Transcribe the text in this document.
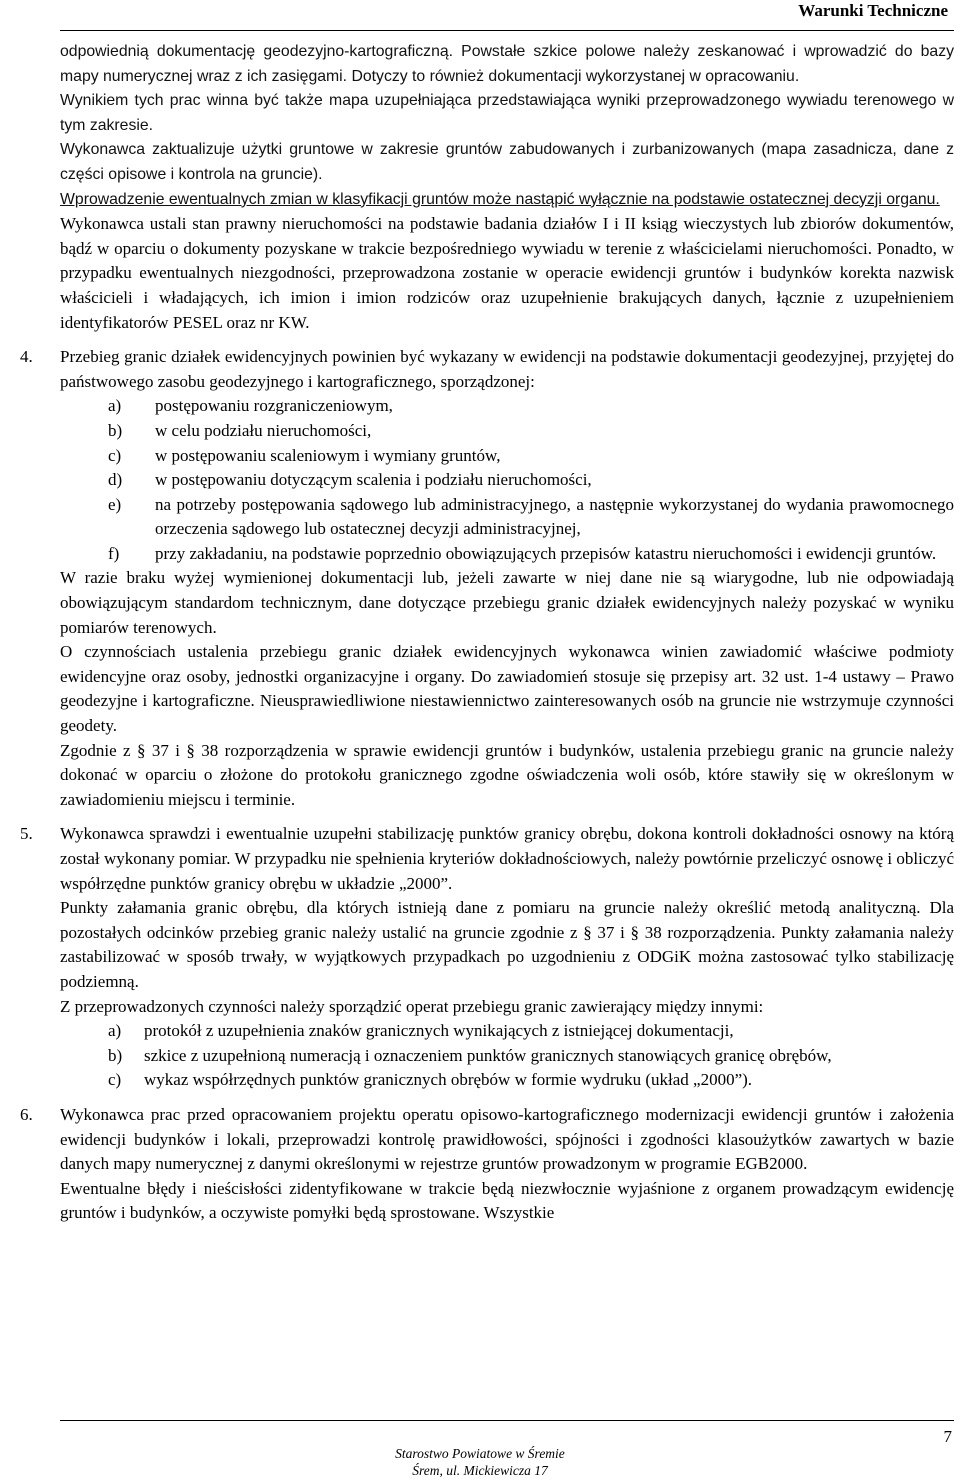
Warunki Techniczne

odpowiednią dokumentację geodezyjno-kartograficzną. Powstałe szkice polowe należy zeskanować i wprowadzić do bazy mapy numerycznej wraz z ich zasięgami. Dotyczy to również dokumentacji wykorzystanej w opracowaniu.

Wynikiem tych prac winna być także mapa uzupełniająca przedstawiająca wyniki przeprowadzonego wywiadu terenowego w tym zakresie.

Wykonawca zaktualizuje użytki gruntowe w zakresie gruntów zabudowanych i zurbanizowanych (mapa zasadnicza, dane z części opisowe i kontrola na gruncie).

Wprowadzenie ewentualnych zmian w klasyfikacji gruntów może nastąpić wyłącznie na podstawie ostatecznej decyzji organu.

Wykonawca ustali stan prawny nieruchomości na podstawie badania działów I i II ksiąg wieczystych lub zbiorów dokumentów, bądź w oparciu o dokumenty pozyskane w trakcie bezpośredniego wywiadu w terenie z właścicielami nieruchomości. Ponadto, w przypadku ewentualnych niezgodności, przeprowadzona zostanie w operacie ewidencji gruntów i budynków korekta nazwisk właścicieli i władających, ich imion i imion rodziców oraz uzupełnienie brakujących danych, łącznie z uzupełnieniem identyfikatorów PESEL oraz nr KW.

4. Przebieg granic działek ewidencyjnych powinien być wykazany w ewidencji na podstawie dokumentacji geodezyjnej, przyjętej do państwowego zasobu geodezyjnego i kartograficznego, sporządzonej:

a) postępowaniu rozgraniczeniowym,
b) w celu podziału nieruchomości,
c) w postępowaniu scaleniowym i wymiany gruntów,
d) w postępowaniu dotyczącym scalenia i podziału nieruchomości,
e) na potrzeby postępowania sądowego lub administracyjnego, a następnie wykorzystanej do wydania prawomocnego orzeczenia sądowego lub ostatecznej decyzji administracyjnej,
f) przy zakładaniu, na podstawie poprzednio obowiązujących przepisów katastru nieruchomości i ewidencji gruntów.

W razie braku wyżej wymienionej dokumentacji lub, jeżeli zawarte w niej dane nie są wiarygodne, lub nie odpowiadają obowiązującym standardom technicznym, dane dotyczące przebiegu granic działek ewidencyjnych należy pozyskać w wyniku pomiarów terenowych.

O czynnościach ustalenia przebiegu granic działek ewidencyjnych wykonawca winien zawiadomić właściwe podmioty ewidencyjne oraz osoby, jednostki organizacyjne i organy. Do zawiadomień stosuje się przepisy art. 32 ust. 1-4 ustawy – Prawo geodezyjne i kartograficzne. Nieusprawiedliwione niestawiennictwo zainteresowanych osób na gruncie nie wstrzymuje czynności geodety.

Zgodnie z § 37 i § 38 rozporządzenia w sprawie ewidencji gruntów i budynków, ustalenia przebiegu granic na gruncie należy dokonać w oparciu o złożone do protokołu granicznego zgodne oświadczenia woli osób, które stawiły się w określonym w zawiadomieniu miejscu i terminie.

5. Wykonawca sprawdzi i ewentualnie uzupełni stabilizację punktów granicy obrębu, dokona kontroli dokładności osnowy na którą został wykonany pomiar. W przypadku nie spełnienia kryteriów dokładnościowych, należy powtórnie przeliczyć osnowę i obliczyć współrzędne punktów granicy obrębu w układzie „2000”.

Punkty załamania granic obrębu, dla których istnieją dane z pomiaru na gruncie należy określić metodą analityczną. Dla pozostałych odcinków przebieg granic należy ustalić na gruncie zgodnie z § 37 i § 38 rozporządzenia. Punkty załamania należy zastabilizować w sposób trwały, w wyjątkowych przypadkach po uzgodnieniu z ODGiK można zastosować tylko stabilizację podziemną.

Z przeprowadzonych czynności należy sporządzić operat przebiegu granic zawierający między innymi:

a) protokół z uzupełnienia znaków granicznych wynikających z istniejącej dokumentacji,
b) szkice z uzupełnioną numeracją i oznaczeniem punktów granicznych stanowiących granicę obrębów,
c) wykaz współrzędnych punktów granicznych obrębów w formie wydruku (układ „2000”).
6. Wykonawca prac przed opracowaniem projektu operatu opisowo-kartograficznego modernizacji ewidencji gruntów i założenia ewidencji budynków i lokali, przeprowadzi kontrolę prawidłowości, spójności i zgodności klasoużytków zawartych w bazie danych mapy numerycznej z danymi określonymi w rejestrze gruntów prowadzonym w programie EGB2000.

Ewentualne błędy i nieścisłości zidentyfikowane w trakcie będą niezwłocznie wyjaśnione z organem prowadzącym ewidencję gruntów i budynków, a oczywiste pomyłki będą sprostowane. Wszystkie

7
Starostwo Powiatowe w Śremie
Śrem, ul. Mickiewicza 17
